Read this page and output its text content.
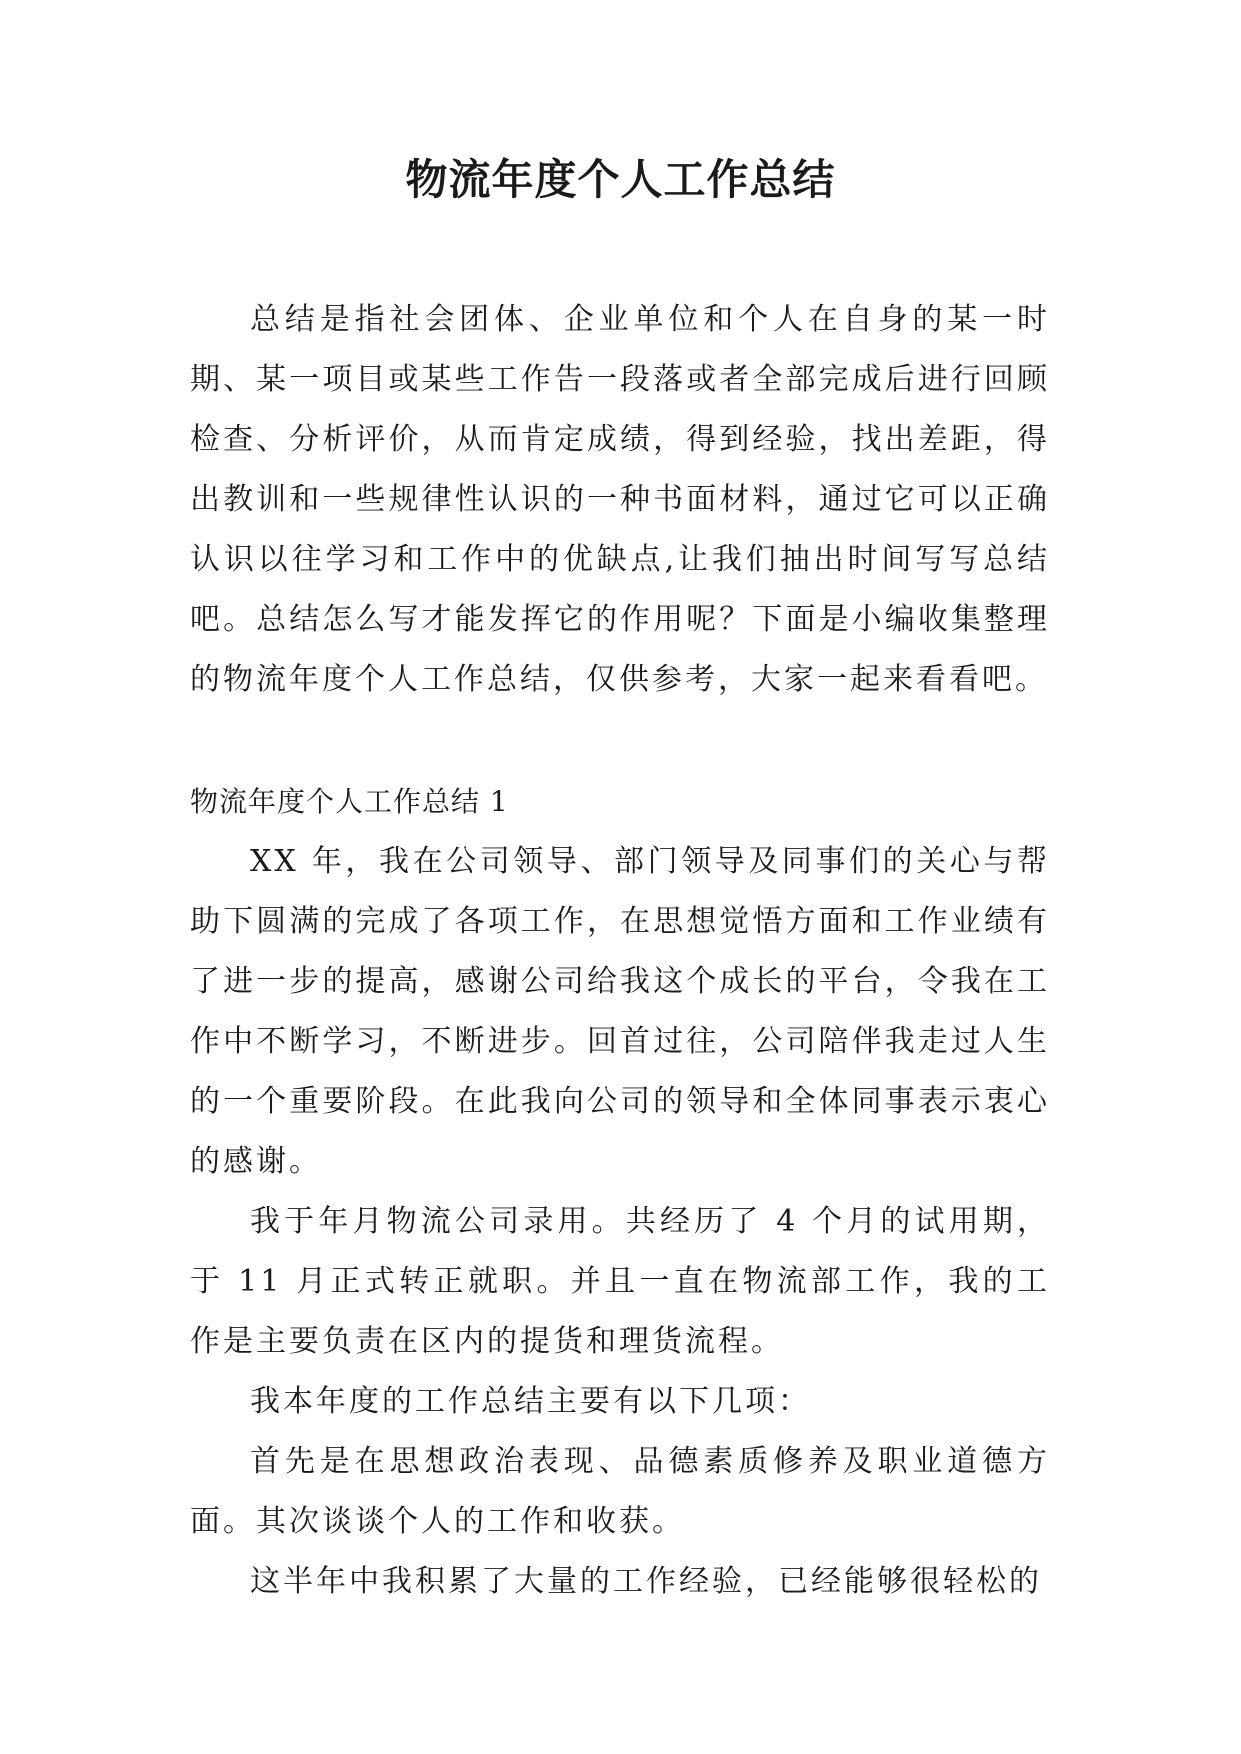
物流年度个人工作总结

总结是指社会团体、企业单位和个人在自身的某一时期、某一项目或某些工作告一段落或者全部完成后进行回顾检查、分析评价，从而肯定成绩，得到经验，找出差距，得出教训和一些规律性认识的一种书面材料，通过它可以正确认识以往学习和工作中的优缺点,让我们抽出时间写写总结吧。总结怎么写才能发挥它的作用呢？下面是小编收集整理的物流年度个人工作总结，仅供参考，大家一起来看看吧。

物流年度个人工作总结 1

XX 年，我在公司领导、部门领导及同事们的关心与帮助下圆满的完成了各项工作，在思想觉悟方面和工作业绩有了进一步的提高，感谢公司给我这个成长的平台，令我在工作中不断学习，不断进步。回首过往，公司陪伴我走过人生的一个重要阶段。在此我向公司的领导和全体同事表示衷心的感谢。

我于年月物流公司录用。共经历了 4 个月的试用期，于 11 月正式转正就职。并且一直在物流部工作，我的工作是主要负责在区内的提货和理货流程。

我本年度的工作总结主要有以下几项：

首先是在思想政治表现、品德素质修养及职业道德方面。其次谈谈个人的工作和收获。

这半年中我积累了大量的工作经验，已经能够很轻松的
